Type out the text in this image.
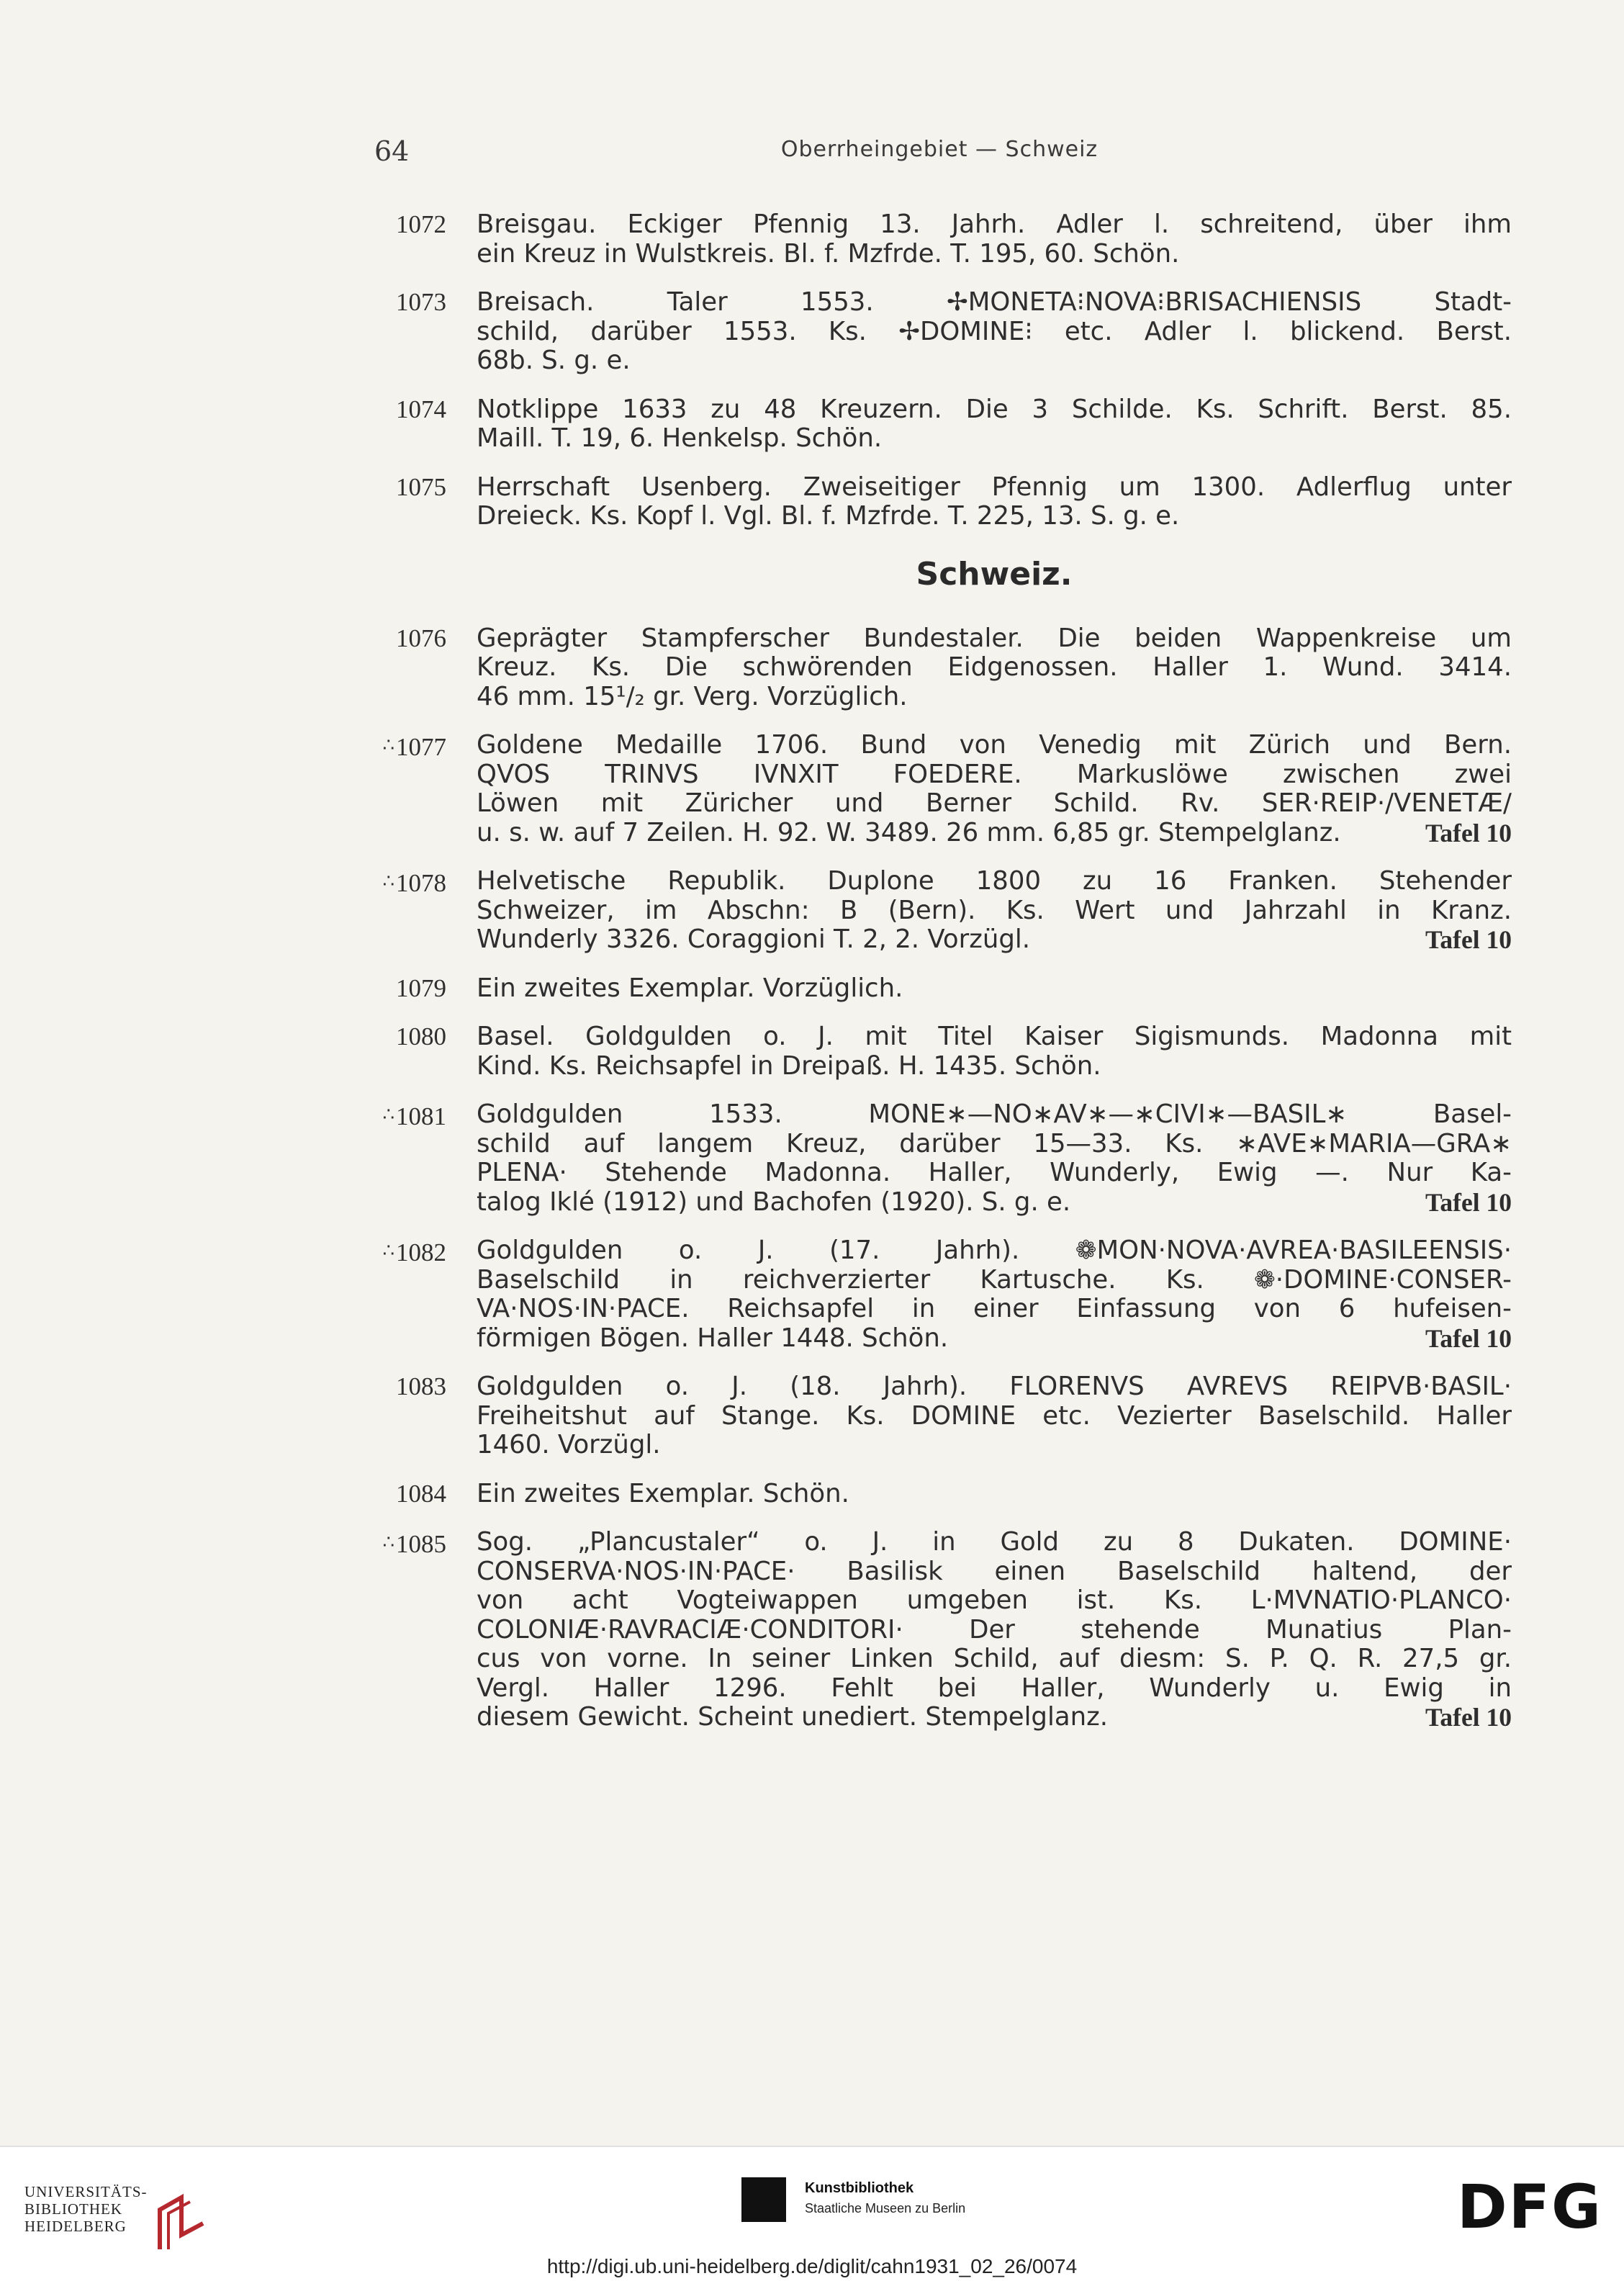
64	Oberrheingebiet — Schweiz
1072 Breisgau. Eckiger Pfennig 13. Jahrh. Adler l. schreitend, über ihm
ein Kreuz in Wulstkreis. Bl. f. Mzfrde. T. 195, 60. Schön.
1073 Breisach. Taler 1553. ✢MONETA⁝NOVA⁝BRISACHIENSIS Stadt-
schild, darüber 1553. Ks. ✢DOMINE⁝ etc. Adler l. blickend. Berst.
68b. S. g. e.
1074 Notklippe 1633 zu 48 Kreuzern. Die 3 Schilde. Ks. Schrift. Berst. 85.
Maill. T. 19, 6. Henkelsp. Schön.
1075 Herrschaft Usenberg. Zweiseitiger Pfennig um 1300. Adlerflug unter
Dreieck. Ks. Kopf l. Vgl. Bl. f. Mzfrde. T. 225, 13. S. g. e.
Schweiz.
1076 Geprägter Stampferscher Bundestaler. Die beiden Wappenkreise um
Kreuz. Ks. Die schwörenden Eidgenossen. Haller 1. Wund. 3414.
46 mm. 15¹/₂ gr. Verg. Vorzüglich.
∴1077 Goldene Medaille 1706. Bund von Venedig mit Zürich und Bern.
QVOS TRINVS IVNXIT FOEDERE. Markuslöwe zwischen zwei
Löwen mit Züricher und Berner Schild. Rv. SER·REIP·/VENETÆ/
u. s. w. auf 7 Zeilen. H. 92. W. 3489. 26 mm. 6,85 gr. Stempelglanz.	Tafel 10
∴1078 Helvetische Republik. Duplone 1800 zu 16 Franken. Stehender
Schweizer, im Abschn: B (Bern). Ks. Wert und Jahrzahl in Kranz.
Wunderly 3326. Coraggioni T. 2, 2. Vorzügl.	Tafel 10
1079 Ein zweites Exemplar. Vorzüglich.
1080 Basel. Goldgulden o. J. mit Titel Kaiser Sigismunds. Madonna mit
Kind. Ks. Reichsapfel in Dreipaß. H. 1435. Schön.
∴1081 Goldgulden 1533. MONE∗—NO∗AV∗—∗CIVI∗—BASIL∗ Basel-
schild auf langem Kreuz, darüber 15—33. Ks. ∗AVE∗MARIA—GRA∗
PLENA· Stehende Madonna. Haller, Wunderly, Ewig —. Nur Ka-
talog Iklé (1912) und Bachofen (1920). S. g. e.	Tafel 10
∴1082 Goldgulden o. J. (17. Jahrh). ❁MON·NOVA·AVREA·BASILEENSIS·
Baselschild in reichverzierter Kartusche. Ks. ❁·DOMINE·CONSER-
VA·NOS·IN·PACE. Reichsapfel in einer Einfassung von 6 hufeisen-
förmigen Bögen. Haller 1448. Schön.	Tafel 10
1083 Goldgulden o. J. (18. Jahrh). FLORENVS AVREVS REIPVB·BASIL·
Freiheitshut auf Stange. Ks. DOMINE etc. Vezierter Baselschild. Haller
1460. Vorzügl.
1084 Ein zweites Exemplar. Schön.
∴1085 Sog. „Plancustaler“ o. J. in Gold zu 8 Dukaten. DOMINE·
CONSERVA·NOS·IN·PACE· Basilisk einen Baselschild haltend, der
von acht Vogteiwappen umgeben ist. Ks. L·MVNATIO·PLANCO·
COLONIÆ·RAVRACIÆ·CONDITORI· Der stehende Munatius Plan-
cus von vorne. In seiner Linken Schild, auf diesm: S. P. Q. R. 27,5 gr.
Vergl. Haller 1296. Fehlt bei Haller, Wunderly u. Ewig in
diesem Gewicht. Scheint unediert. Stempelglanz.	Tafel 10
UNIVERSITÄTS-
BIBLIOTHEK
HEIDELBERG
Kunstbibliothek
Staatliche Museen zu Berlin	DFG
http://digi.ub.uni-heidelberg.de/diglit/cahn1931_02_26/0074
